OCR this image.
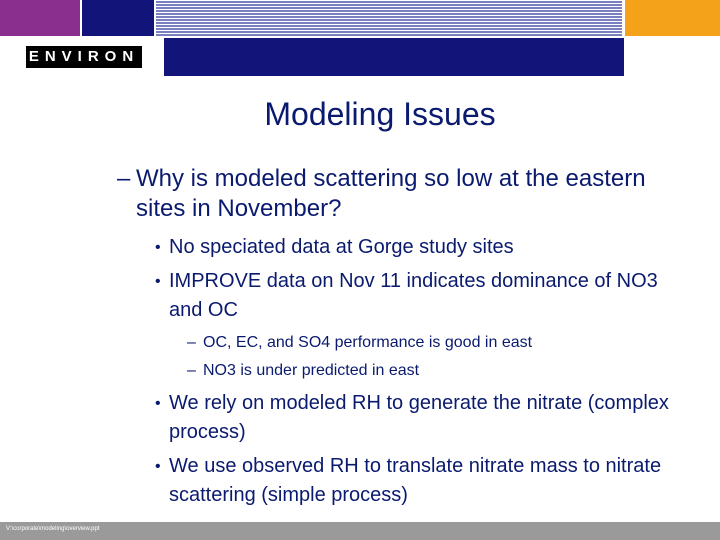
ENVIRON
Modeling Issues
– Why is modeled scattering so low at the eastern sites in November?
• No speciated data at Gorge study sites
• IMPROVE data on Nov 11 indicates dominance of NO3 and OC
– OC, EC, and SO4 performance is good in east
– NO3 is under predicted in east
• We rely on modeled RH to generate the nitrate (complex process)
• We use observed RH to translate nitrate mass to nitrate scattering (simple process)
V:\corporate\modeling\overview.ppt
